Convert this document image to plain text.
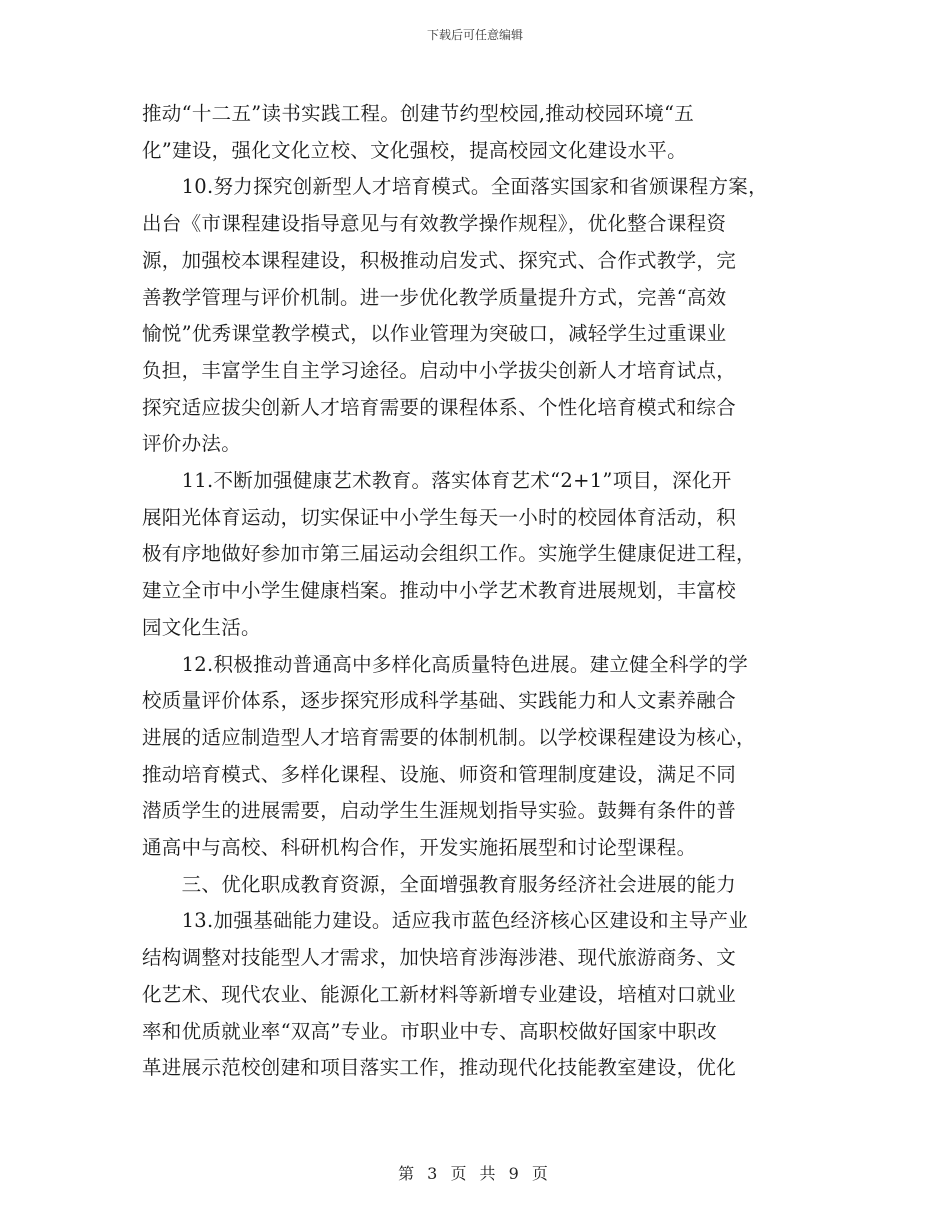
下载后可任意编辑
推动“十二五”读书实践工程。创建节约型校园,推动校园环境“五
化”建设，强化文化立校、文化强校，提高校园文化建设水平。
　　10.努力探究创新型人才培育模式。全面落实国家和省颁课程方案，
出台《市课程建设指导意见与有效教学操作规程》，优化整合课程资
源，加强校本课程建设，积极推动启发式、探究式、合作式教学，完
善教学管理与评价机制。进一步优化教学质量提升方式，完善“高效
愉悦”优秀课堂教学模式，以作业管理为突破口，减轻学生过重课业
负担，丰富学生自主学习途径。启动中小学拔尖创新人才培育试点，
探究适应拔尖创新人才培育需要的课程体系、个性化培育模式和综合
评价办法。
　　11.不断加强健康艺术教育。落实体育艺术“2+1”项目，深化开
展阳光体育运动，切实保证中小学生每天一小时的校园体育活动，积
极有序地做好参加市第三届运动会组织工作。实施学生健康促进工程，
建立全市中小学生健康档案。推动中小学艺术教育进展规划，丰富校
园文化生活。
　　12.积极推动普通高中多样化高质量特色进展。建立健全科学的学
校质量评价体系，逐步探究形成科学基础、实践能力和人文素养融合
进展的适应制造型人才培育需要的体制机制。以学校课程建设为核心，
推动培育模式、多样化课程、设施、师资和管理制度建设，满足不同
潜质学生的进展需要，启动学生生涯规划指导实验。鼓舞有条件的普
通高中与高校、科研机构合作，开发实施拓展型和讨论型课程。
　　三、优化职成教育资源，全面增强教育服务经济社会进展的能力
　　13.加强基础能力建设。适应我市蓝色经济核心区建设和主导产业
结构调整对技能型人才需求，加快培育涉海涉港、现代旅游商务、文
化艺术、现代农业、能源化工新材料等新增专业建设，培植对口就业
率和优质就业率“双高”专业。市职业中专、高职校做好国家中职改
革进展示范校创建和项目落实工作，推动现代化技能教室建设，优化
第 3 页 共 9 页
